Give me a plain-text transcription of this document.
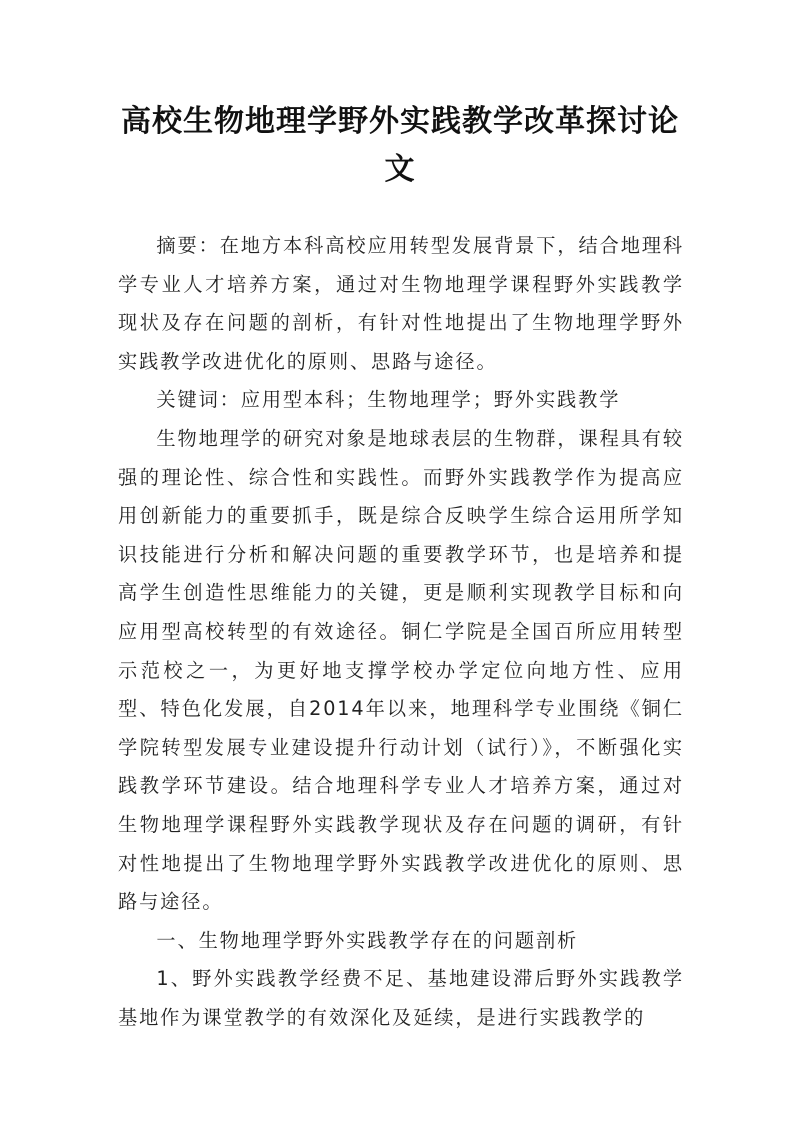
高校生物地理学野外实践教学改革探讨论文

摘要：在地方本科高校应用转型发展背景下，结合地理科学专业人才培养方案，通过对生物地理学课程野外实践教学现状及存在问题的剖析，有针对性地提出了生物地理学野外实践教学改进优化的原则、思路与途径。

关键词：应用型本科；生物地理学；野外实践教学

生物地理学的研究对象是地球表层的生物群，课程具有较强的理论性、综合性和实践性。而野外实践教学作为提高应用创新能力的重要抓手，既是综合反映学生综合运用所学知识技能进行分析和解决问题的重要教学环节，也是培养和提高学生创造性思维能力的关键，更是顺利实现教学目标和向应用型高校转型的有效途径。铜仁学院是全国百所应用转型示范校之一，为更好地支撑学校办学定位向地方性、应用型、特色化发展，自2014年以来，地理科学专业围绕《铜仁学院转型发展专业建设提升行动计划（试行）》，不断强化实践教学环节建设。结合地理科学专业人才培养方案，通过对生物地理学课程野外实践教学现状及存在问题的调研，有针对性地提出了生物地理学野外实践教学改进优化的原则、思路与途径。

一、生物地理学野外实践教学存在的问题剖析

1、野外实践教学经费不足、基地建设滞后野外实践教学基地作为课堂教学的有效深化及延续，是进行实践教学的
